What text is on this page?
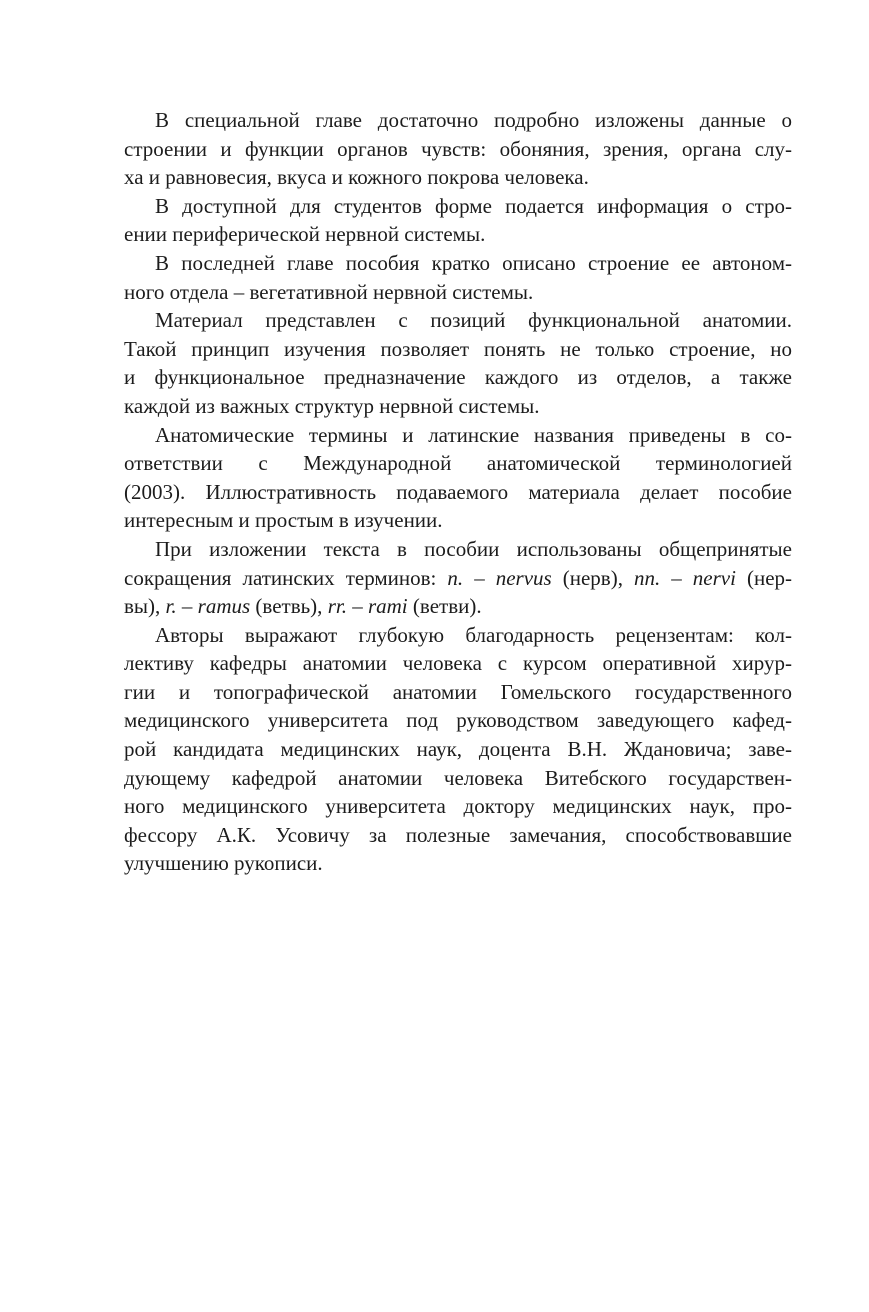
В специальной главе достаточно подробно изложены данные о
строении и функции органов чувств: обоняния, зрения, органа слу-
ха и равновесия, вкуса и кожного покрова человека.

В доступной для студентов форме подается информация о стро-
ении периферической нервной системы.

В последней главе пособия кратко описано строение ее автоном-
ного отдела – вегетативной нервной системы.

Материал представлен с позиций функциональной анатомии.
Такой принцип изучения позволяет понять не только строение, но
и функциональное предназначение каждого из отделов, а также
каждой из важных структур нервной системы.

Анатомические термины и латинские названия приведены в со-
ответствии с Международной анатомической терминологией
(2003). Иллюстративность подаваемого материала делает пособие
интересным и простым в изучении.

При изложении текста в пособии использованы общепринятые
сокращения латинских терминов: n. – nervus (нерв), nn. – nervi (нер-
вы), r. – ramus (ветвь), rr. – rami (ветви).

Авторы выражают глубокую благодарность рецензентам: кол-
лективу кафедры анатомии человека с курсом оперативной хирур-
гии и топографической анатомии Гомельского государственного
медицинского университета под руководством заведующего кафед-
рой кандидата медицинских наук, доцента В.Н. Ждановича; заве-
дующему кафедрой анатомии человека Витебского государствен-
ного медицинского университета доктору медицинских наук, про-
фессору А.К. Усовичу за полезные замечания, способствовавшие
улучшению рукописи.
